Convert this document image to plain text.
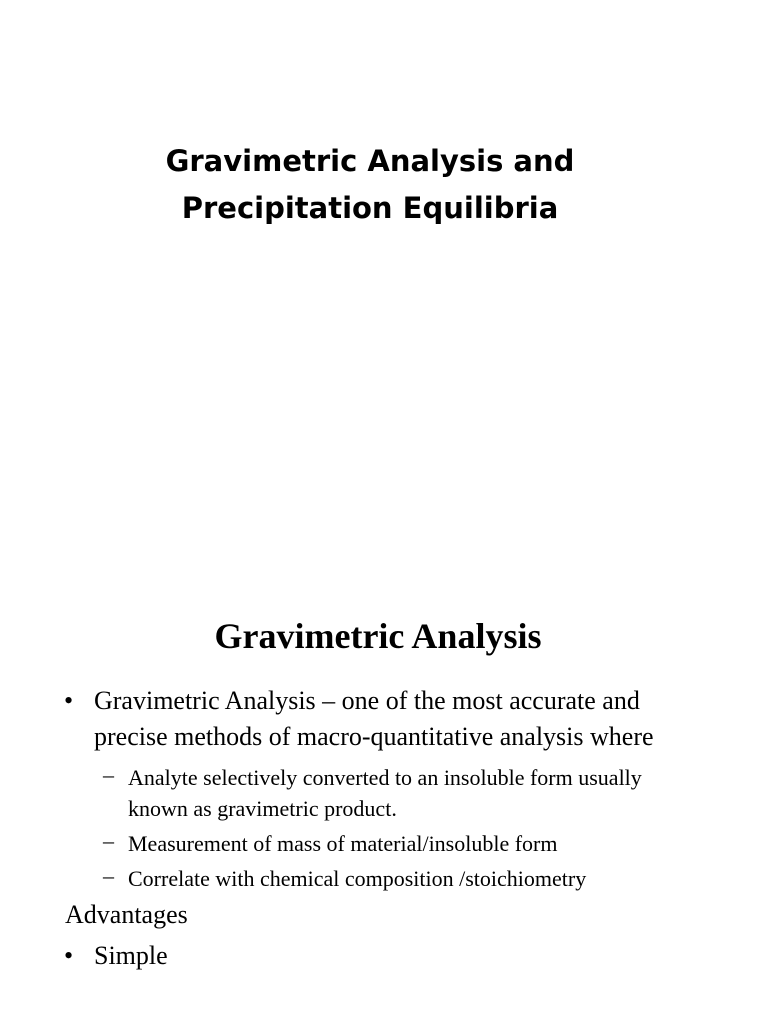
Gravimetric Analysis and
Precipitation Equilibria
Gravimetric Analysis
• Gravimetric Analysis – one of the most accurate and precise methods of macro-quantitative analysis where
– Analyte selectively converted to an insoluble form usually known as gravimetric product.
– Measurement of mass of material/insoluble form
– Correlate with chemical composition /stoichiometry
Advantages
• Simple
